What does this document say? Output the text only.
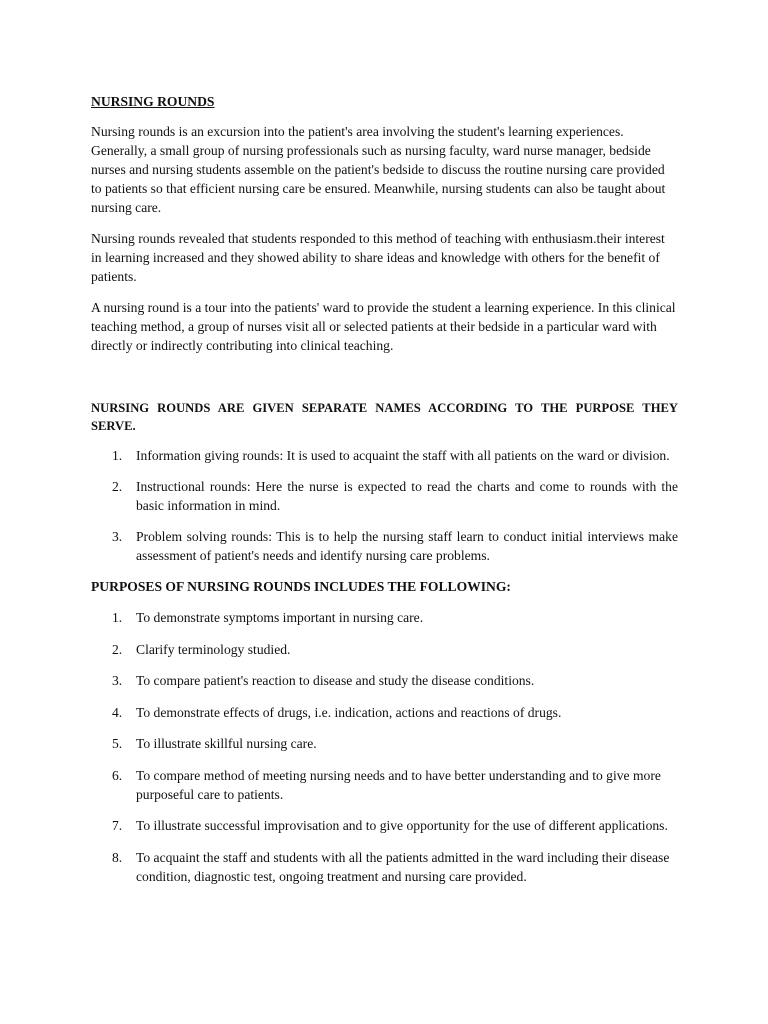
NURSING ROUNDS

Nursing rounds is an excursion into the patient's area involving the student's learning experiences. Generally, a small group of nursing professionals such as nursing faculty, ward nurse manager, bedside nurses and nursing students assemble on the patient's bedside to discuss the routine nursing care provided to patients so that efficient nursing care be ensured. Meanwhile, nursing students can also be taught about nursing care.

Nursing rounds revealed that students responded to this method of teaching with enthusiasm.their interest in learning increased and they showed ability to share ideas and knowledge with others for the benefit of patients.

A nursing round is a tour into the patients' ward to provide the student a learning experience. In this clinical teaching method, a group of nurses visit all or selected patients at their bedside in a particular ward with directly or indirectly contributing into clinical teaching.

NURSING ROUNDS ARE GIVEN SEPARATE NAMES ACCORDING TO THE PURPOSE THEY SERVE.
1. Information giving rounds: It is used to acquaint the staff with all patients on the ward or division.
2. Instructional rounds: Here the nurse is expected to read the charts and come to rounds with the basic information in mind.
3. Problem solving rounds: This is to help the nursing staff learn to conduct initial interviews make assessment of patient's needs and identify nursing care problems.
PURPOSES OF NURSING ROUNDS INCLUDES THE FOLLOWING:
1. To demonstrate symptoms important in nursing care.
2. Clarify terminology studied.
3. To compare patient's reaction to disease and study the disease conditions.
4. To demonstrate effects of drugs, i.e. indication, actions and reactions of drugs.
5. To illustrate skillful nursing care.
6. To compare method of meeting nursing needs and to have better understanding and to give more purposeful care to patients.
7. To illustrate successful improvisation and to give opportunity for the use of different applications.
8. To acquaint the staff and students with all the patients admitted in the ward including their disease condition, diagnostic test, ongoing treatment and nursing care provided.
